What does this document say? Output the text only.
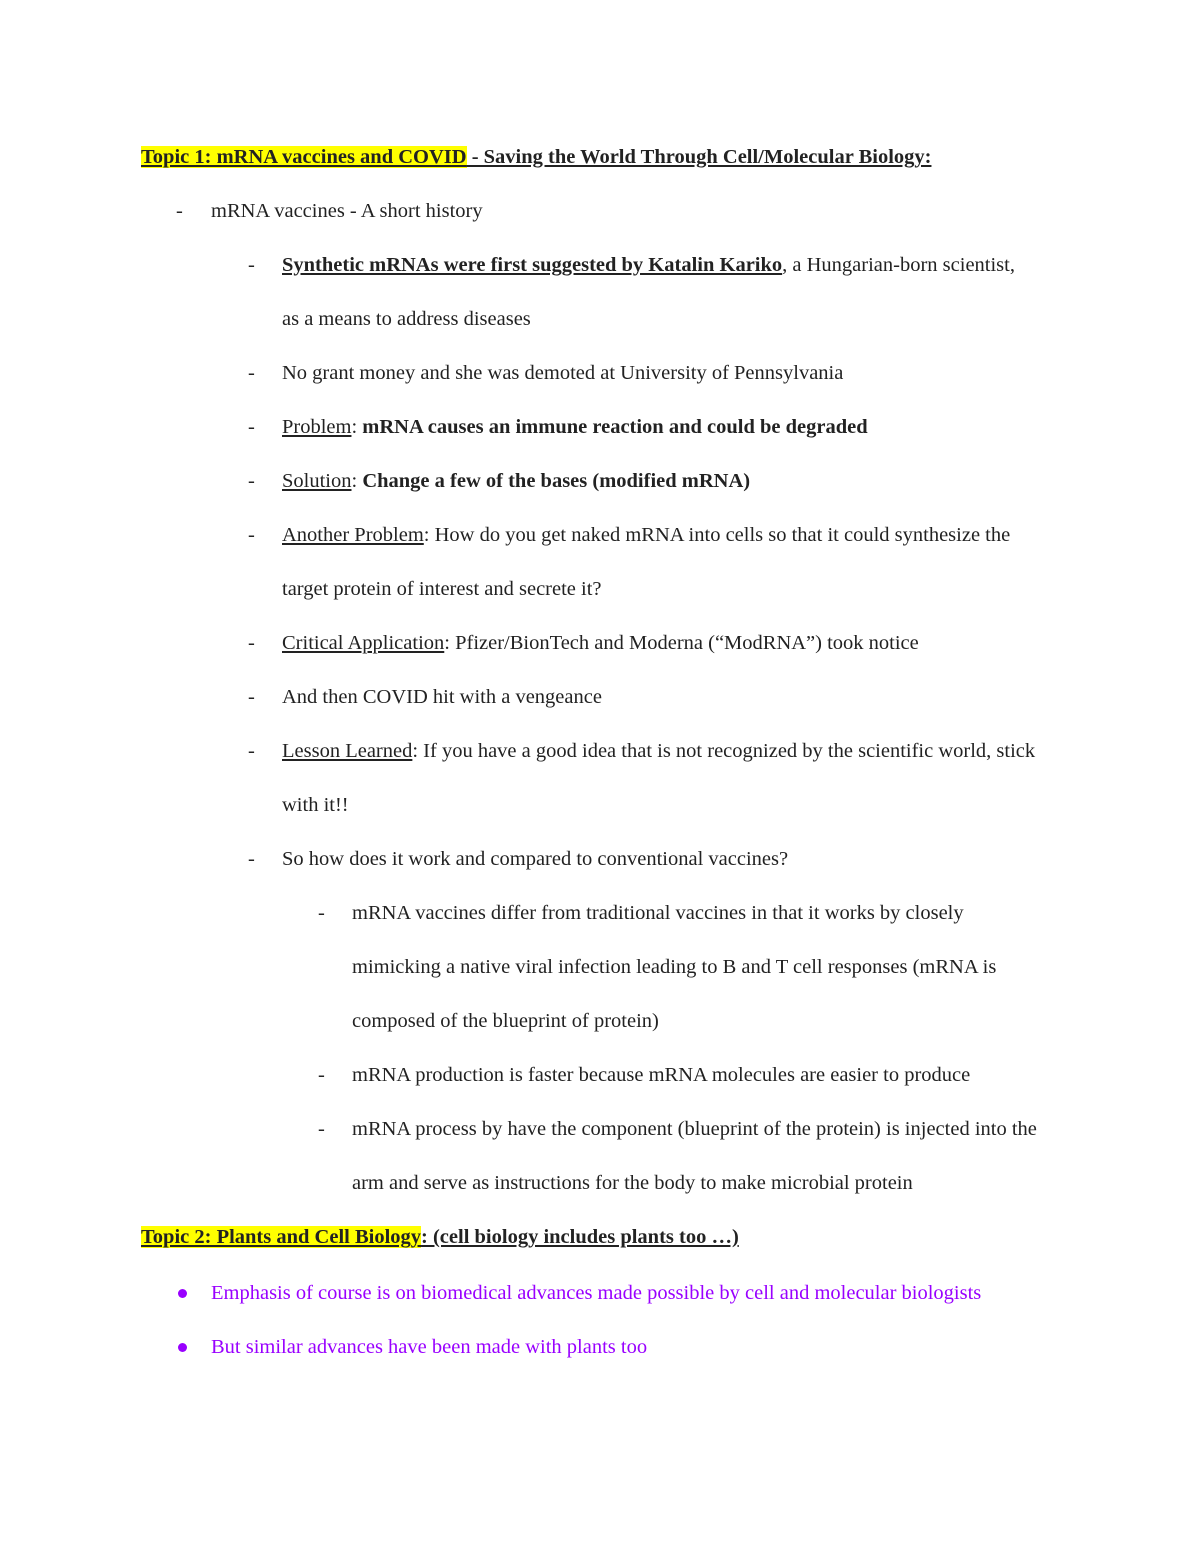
Topic 1: mRNA vaccines and COVID - Saving the World Through Cell/Molecular Biology:
- mRNA vaccines - A short history
- Synthetic mRNAs were first suggested by Katalin Kariko, a Hungarian-born scientist,
as a means to address diseases
- No grant money and she was demoted at University of Pennsylvania
- Problem: mRNA causes an immune reaction and could be degraded
- Solution: Change a few of the bases (modified mRNA)
- Another Problem: How do you get naked mRNA into cells so that it could synthesize the
target protein of interest and secrete it?
- Critical Application: Pfizer/BionTech and Moderna (“ModRNA”) took notice
- And then COVID hit with a vengeance
- Lesson Learned: If you have a good idea that is not recognized by the scientific world, stick
with it!!
- So how does it work and compared to conventional vaccines?
- mRNA vaccines differ from traditional vaccines in that it works by closely
mimicking a native viral infection leading to B and T cell responses (mRNA is
composed of the blueprint of protein)
- mRNA production is faster because mRNA molecules are easier to produce
- mRNA process by have the component (blueprint of the protein) is injected into the
arm and serve as instructions for the body to make microbial protein
Topic 2: Plants and Cell Biology: (cell biology includes plants too …)
Emphasis of course is on biomedical advances made possible by cell and molecular biologists
But similar advances have been made with plants too
